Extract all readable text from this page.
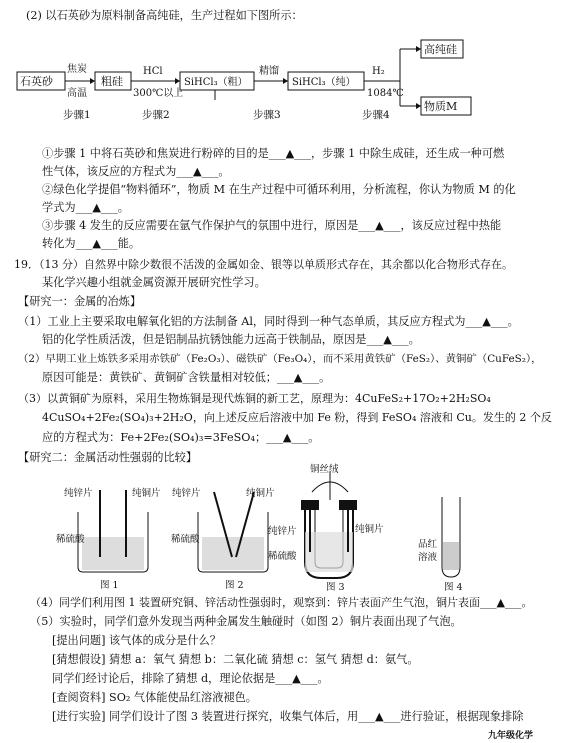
(2) 以石英砂为原料制备高纯硅，生产过程如下图所示：
石英砂	粗硅	SiHCl₃（粗）	SiHCl₃（纯）
高纯硅
物质M
焦炭
高温
HCl
300℃以上
精馏	H₂
1084℃
步骤1	步骤2	步骤3	步骤4
①步骤 1 中将石英砂和焦炭进行粉碎的目的是___▲___，步骤 1 中除生成硅，还生成一种可燃
性气体，该反应的方程式为___▲___。
②绿色化学提倡“物料循环”，物质 M 在生产过程中可循环利用，分析流程，你认为物质 M 的化
学式为___▲___。
③步骤 4 发生的反应需要在氩气作保护气的氛围中进行，原因是___▲___，该反应过程中热能
转化为___▲___能。
19．（13 分）自然界中除少数很不活泼的金属如金、银等以单质形式存在，其余都以化合物形式存在。
某化学兴趣小组就金属资源开展研究性学习。
【研究一：金属的冶炼】
（1）工业上主要采取电解氧化铝的方法制备 Al，同时得到一种气态单质，其反应方程式为___▲___。
铝的化学性质活泼，但是铝制品抗锈蚀能力远高于铁制品，原因是___▲___。
（2）早期工业上炼铁多采用赤铁矿（Fe₂O₃）、磁铁矿（Fe₃O₄），而不采用黄铁矿（FeS₂）、黄铜矿（CuFeS₂），
原因可能是：黄铁矿、黄铜矿含铁量相对较低；___▲___。
（3）以黄铜矿为原料，采用生物炼铜是现代炼铜的新工艺，原理为：4CuFeS₂+17O₂+2H₂SO₄
4CuSO₄+2Fe₂(SO₄)₃+2H₂O，向上述反应后溶液中加 Fe 粉，得到 FeSO₄ 溶液和 Cu。发生的 2 个反
应的方程式为：Fe+2Fe₂(SO₄)₃=3FeSO₄；___▲___。
【研究二：金属活动性强弱的比较】
纯锌片	纯铜片
稀硫酸
图 1
纯锌片	纯铜片
稀硫酸
图 2
铜丝绒
纯锌片	纯铜片
稀硫酸
图 3
品红
溶液
图 4
（4）同学们利用图 1 装置研究铜、锌活动性强弱时，观察到：锌片表面产生气泡，铜片表面___▲___。
（5）实验时，同学们意外发现当两种金属发生触碰时（如图 2）铜片表面出现了气泡。
[提出问题] 该气体的成分是什么？
[猜想假设] 猜想 a：氧气 猜想 b：二氧化硫 猜想 c：氢气 猜想 d：氨气。
同学们经讨论后，排除了猜想 d，理论依据是___▲___。
[查阅资料] SO₂ 气体能使品红溶液褪色。
[进行实验] 同学们设计了图 3 装置进行探究，收集气体后，用___▲___进行验证，根据现象排除
九年级化学
